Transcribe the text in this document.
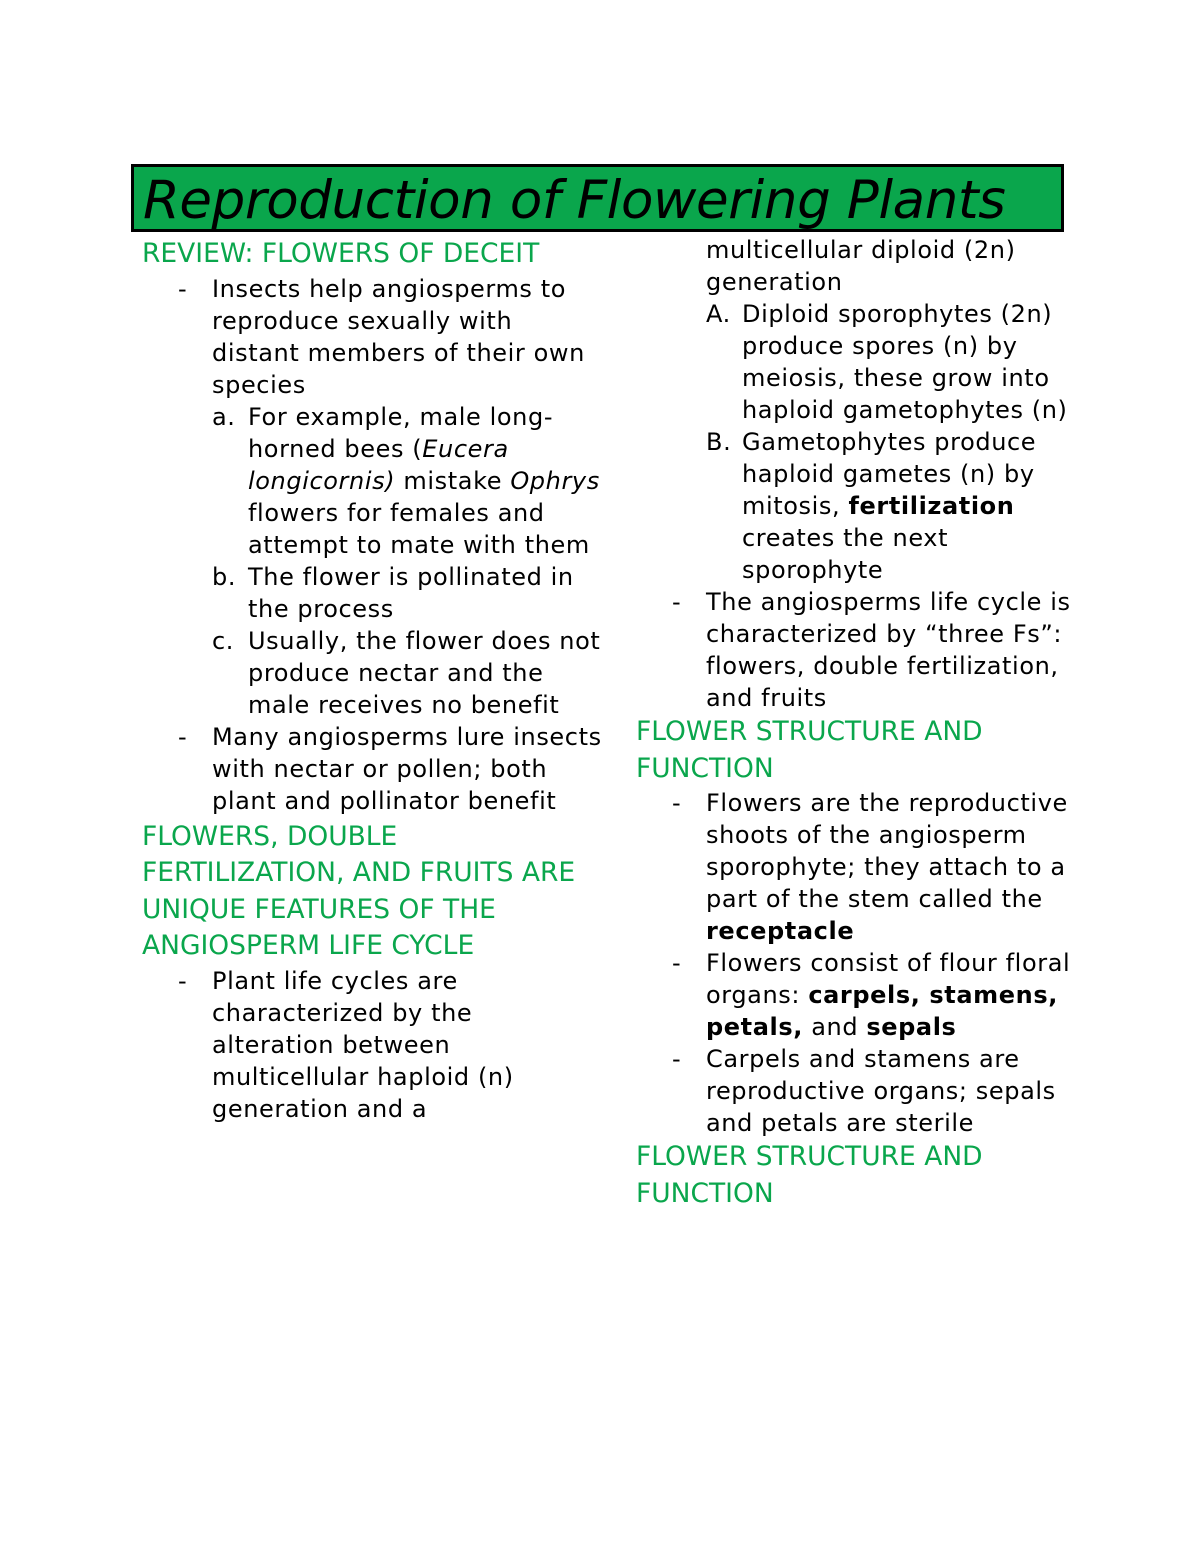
Reproduction of Flowering Plants
REVIEW: FLOWERS OF DECEIT
- Insects help angiosperms to reproduce sexually with distant members of their own species
a. For example, male long-horned bees (Eucera longicornis) mistake Ophrys flowers for females and attempt to mate with them
b. The flower is pollinated in the process
c. Usually, the flower does not produce nectar and the male receives no benefit
- Many angiosperms lure insects with nectar or pollen; both plant and pollinator benefit
FLOWERS, DOUBLE FERTILIZATION, AND FRUITS ARE UNIQUE FEATURES OF THE ANGIOSPERM LIFE CYCLE
- Plant life cycles are characterized by the alteration between multicellular haploid (n) generation and a
multicellular diploid (2n) generation
A. Diploid sporophytes (2n) produce spores (n) by meiosis, these grow into haploid gametophytes (n)
B. Gametophytes produce haploid gametes (n) by mitosis, fertilization creates the next sporophyte
- The angiosperms life cycle is characterized by “three Fs”: flowers, double fertilization, and fruits
FLOWER STRUCTURE AND FUNCTION
- Flowers are the reproductive shoots of the angiosperm sporophyte; they attach to a part of the stem called the receptacle
- Flowers consist of flour floral organs: carpels, stamens, petals, and sepals
- Carpels and stamens are reproductive organs; sepals and petals are sterile
FLOWER STRUCTURE AND FUNCTION
